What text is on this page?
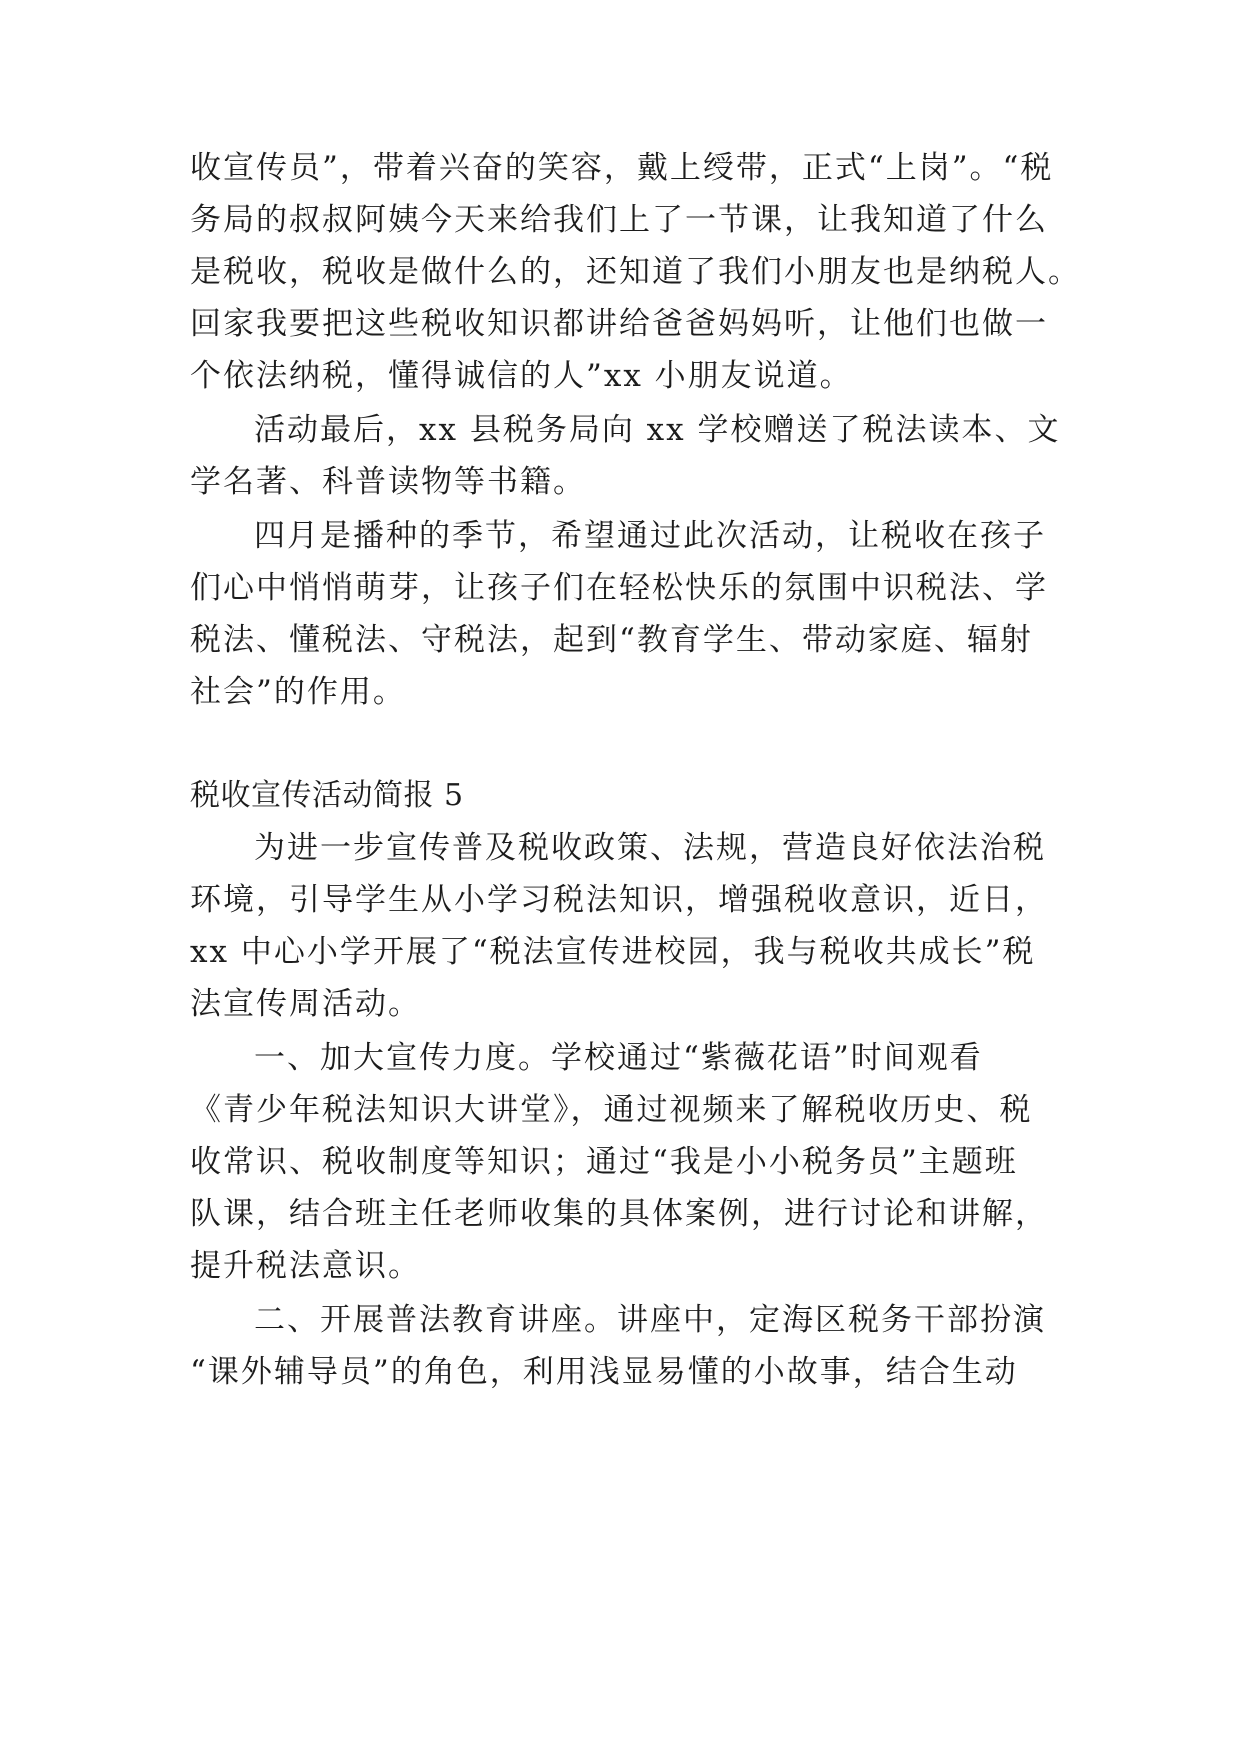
收宣传员”，带着兴奋的笑容，戴上绶带，正式“上岗”。“税
务局的叔叔阿姨今天来给我们上了一节课，让我知道了什么
是税收，税收是做什么的，还知道了我们小朋友也是纳税人。
回家我要把这些税收知识都讲给爸爸妈妈听，让他们也做一
个依法纳税，懂得诚信的人”xx 小朋友说道。
活动最后，xx 县税务局向 xx 学校赠送了税法读本、文
学名著、科普读物等书籍。
四月是播种的季节，希望通过此次活动，让税收在孩子
们心中悄悄萌芽，让孩子们在轻松快乐的氛围中识税法、学
税法、懂税法、守税法，起到“教育学生、带动家庭、辐射
社会”的作用。
税收宣传活动简报 5
为进一步宣传普及税收政策、法规，营造良好依法治税
环境，引导学生从小学习税法知识，增强税收意识，近日，
xx 中心小学开展了“税法宣传进校园，我与税收共成长”税
法宣传周活动。
一、加大宣传力度。学校通过“紫薇花语”时间观看
《青少年税法知识大讲堂》，通过视频来了解税收历史、税
收常识、税收制度等知识；通过“我是小小税务员”主题班
队课，结合班主任老师收集的具体案例，进行讨论和讲解，
提升税法意识。
二、开展普法教育讲座。讲座中，定海区税务干部扮演
“课外辅导员”的角色，利用浅显易懂的小故事，结合生动
